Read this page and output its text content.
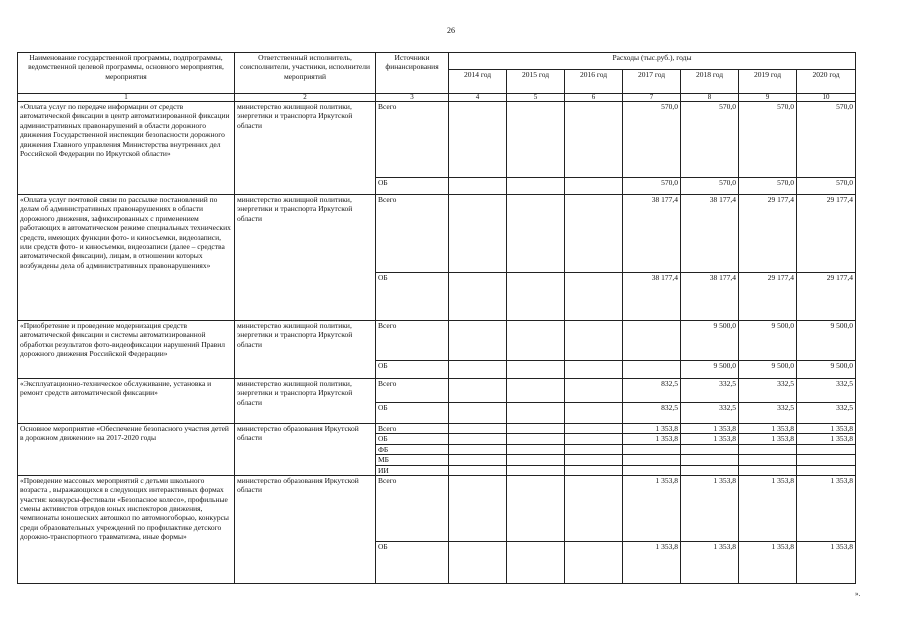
26
Наименование государственной программы, подпрограммы, ведомственной целевой программы, основного мероприятия, мероприятия	Ответственный исполнитель, соисполнители, участники, исполнители мероприятий	Источники финансирования	Расходы (тыс.руб.), годы						
			2014 год	2015 год	2016 год	2017 год	2018 год	2019 год	2020 год
1	2	3	4	5	6	7	8	9	10
«Оплата услуг по передаче информации от средств автоматической фиксации в центр автоматизированной фиксации административных правонарушений в области дорожного движения Государственной инспекции безопасности дорожного движения Главного управления Министерства внутренних дел Российской Федерации по Иркутской области»	министерство жилищной политики, энергетики и транспорта Иркутской области	Всего				570,0	570,0	570,0	570,0
		ОБ				570,0	570,0	570,0	570,0
«Оплата услуг почтовой связи по рассылке постановлений по делам об административных правонарушениях в области дорожного движения, зафиксированных с применением работающих в автоматическом режиме специальных технических средств, имеющих функции фото- и киносъемки, видеозаписи, или средств фото- и киносъемки, видеозаписи (далее – средства автоматической фиксации), лицам, в отношении которых возбуждены дела об административных правонарушениях»	министерство жилищной политики, энергетики и транспорта Иркутской области	Всего				38 177,4	38 177,4	29 177,4	29 177,4
		ОБ				38 177,4	38 177,4	29 177,4	29 177,4
«Приобретение и проведение модернизация средств автоматической фиксации и системы автоматизированной обработки результатов фото-видеофиксации нарушений Правил дорожного движения Российской Федерации»	министерство жилищной политики, энергетики и транспорта Иркутской области	Всего					9 500,0	9 500,0	9 500,0
		ОБ					9 500,0	9 500,0	9 500,0
«Эксплуатационно-техническое обслуживание, установка и ремонт средств автоматической фиксации»	министерство жилищной политики, энергетики и транспорта Иркутской области	Всего				832,5	332,5	332,5	332,5
		ОБ				832,5	332,5	332,5	332,5
Основное мероприятие «Обеспечение безопасного участия детей в дорожном движении» на 2017-2020 годы	министерство образования Иркутской области	Всего				1 353,8	1 353,8	1 353,8	1 353,8
		ОБ				1 353,8	1 353,8	1 353,8	1 353,8
		ФБ							
		МБ							
		ИИ							
«Проведение массовых мероприятий с детьми школьного возраста , выражающихся в следующих интерактивных формах участия: конкурсы-фестивали «Безопасное колесо», профильные смены активистов отрядов юных инспекторов движения, чемпионаты юношеских автошкол по автомногоборью, конкурсы среди образовательных учреждений по профилактике детского дорожно-транспортного травматизма, иные формы»	министерство образования Иркутской области	Всего				1 353,8	1 353,8	1 353,8	1 353,8
		ОБ				1 353,8	1 353,8	1 353,8	1 353,8
».
